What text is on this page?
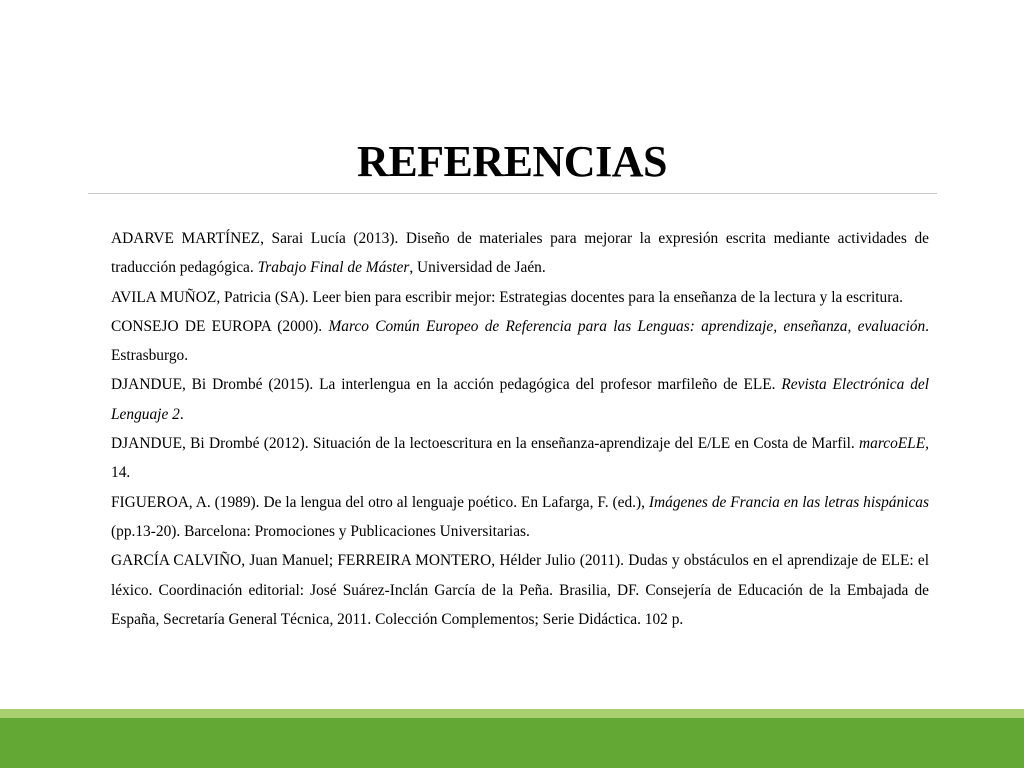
REFERENCIAS
ADARVE MARTÍNEZ, Sarai Lucía (2013). Diseño de materiales para mejorar la expresión escrita mediante actividades de traducción pedagógica. Trabajo Final de Máster, Universidad de Jaén.
AVILA MUÑOZ, Patricia (SA). Leer bien para escribir mejor: Estrategias docentes para la enseñanza de la lectura y la escritura.
CONSEJO DE EUROPA (2000). Marco Común Europeo de Referencia para las Lenguas: aprendizaje, enseñanza, evaluación. Estrasburgo.
DJANDUE, Bi Drombé (2015). La interlengua en la acción pedagógica del profesor marfileño de ELE. Revista Electrónica del Lenguaje 2.
DJANDUE, Bi Drombé (2012). Situación de la lectoescritura en la enseñanza-aprendizaje del E/LE en Costa de Marfil. marcoELE, 14.
FIGUEROA, A. (1989). De la lengua del otro al lenguaje poético. En Lafarga, F. (ed.), Imágenes de Francia en las letras hispánicas (pp.13-20). Barcelona: Promociones y Publicaciones Universitarias.
GARCÍA CALVIÑO, Juan Manuel; FERREIRA MONTERO, Hélder Julio (2011). Dudas y obstáculos en el aprendizaje de ELE: el léxico. Coordinación editorial: José Suárez-Inclán García de la Peña. Brasilia, DF. Consejería de Educación de la Embajada de España, Secretaría General Técnica, 2011. Colección Complementos; Serie Didáctica. 102 p.
